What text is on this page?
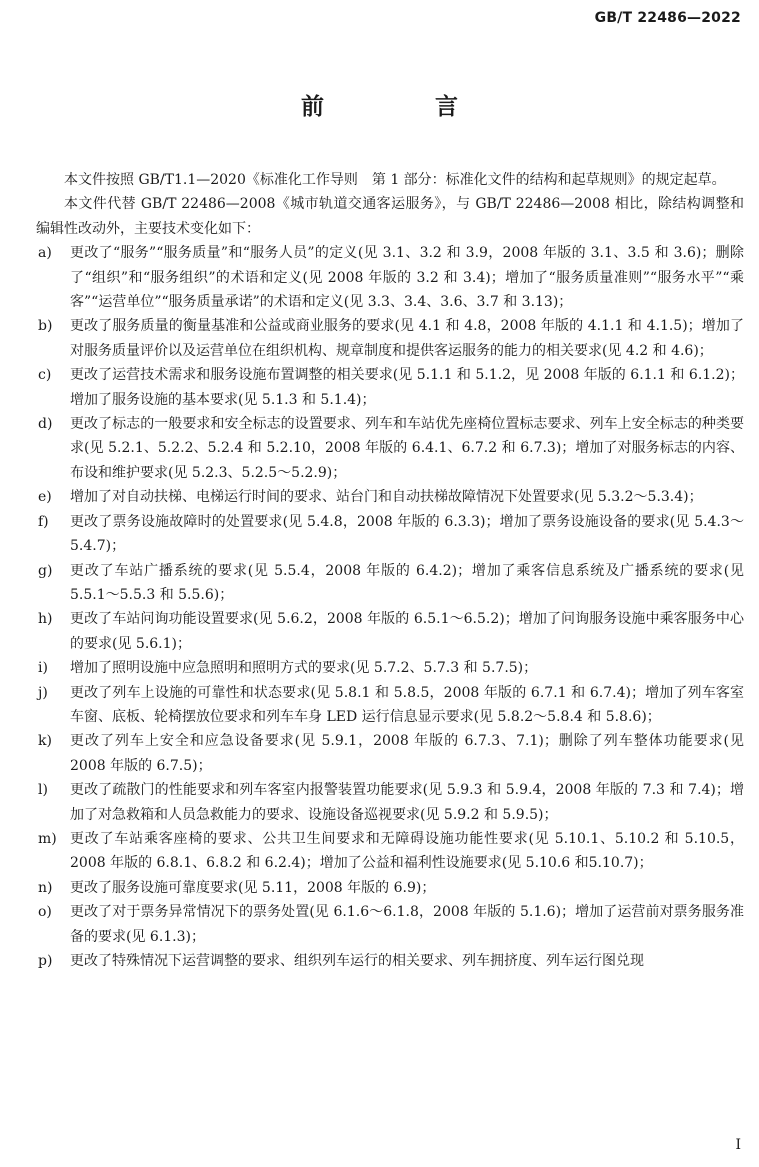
GB/T 22486—2022
前　言

本文件按照 GB/T1.1—2020《标准化工作导则　第 1 部分：标准化文件的结构和起草规则》的规定起草。

本文件代替 GB/T 22486—2008《城市轨道交通客运服务》，与 GB/T 22486—2008 相比，除结构调整和编辑性改动外，主要技术变化如下：

a)	更改了“服务”“服务质量”和“服务人员”的定义(见 3.1、3.2 和 3.9，2008 年版的 3.1、3.5 和 3.6)；删除了“组织”和“服务组织”的术语和定义(见 2008 年版的 3.2 和 3.4)；增加了“服务质量准则”“服务水平”“乘客”“运营单位”“服务质量承诺”的术语和定义(见 3.3、3.4、3.6、3.7 和 3.13)；
b)	更改了服务质量的衡量基准和公益或商业服务的要求(见 4.1 和 4.8，2008 年版的 4.1.1 和 4.1.5)；增加了对服务质量评价以及运营单位在组织机构、规章制度和提供客运服务的能力的相关要求(见 4.2 和 4.6)；
c)	更改了运营技术需求和服务设施布置调整的相关要求(见 5.1.1 和 5.1.2，见 2008 年版的 6.1.1 和 6.1.2)；增加了服务设施的基本要求(见 5.1.3 和 5.1.4)；
d)	更改了标志的一般要求和安全标志的设置要求、列车和车站优先座椅位置标志要求、列车上安全标志的种类要求(见 5.2.1、5.2.2、5.2.4 和 5.2.10，2008 年版的 6.4.1、6.7.2 和 6.7.3)；增加了对服务标志的内容、布设和维护要求(见 5.2.3、5.2.5～5.2.9)；
e)	增加了对自动扶梯、电梯运行时间的要求、站台门和自动扶梯故障情况下处置要求(见 5.3.2～5.3.4)；
f)	更改了票务设施故障时的处置要求(见 5.4.8，2008 年版的 6.3.3)；增加了票务设施设备的要求(见 5.4.3～5.4.7)；
g)	更改了车站广播系统的要求(见 5.5.4，2008 年版的 6.4.2)；增加了乘客信息系统及广播系统的要求(见 5.5.1～5.5.3 和 5.5.6)；
h)	更改了车站问询功能设置要求(见 5.6.2，2008 年版的 6.5.1～6.5.2)；增加了问询服务设施中乘客服务中心的要求(见 5.6.1)；
i)	增加了照明设施中应急照明和照明方式的要求(见 5.7.2、5.7.3 和 5.7.5)；
j)	更改了列车上设施的可靠性和状态要求(见 5.8.1 和 5.8.5，2008 年版的 6.7.1 和 6.7.4)；增加了列车客室车窗、底板、轮椅摆放位要求和列车车身 LED 运行信息显示要求(见 5.8.2～5.8.4 和 5.8.6)；
k)	更改了列车上安全和应急设备要求(见 5.9.1，2008 年版的 6.7.3、7.1)；删除了列车整体功能要求(见 2008 年版的 6.7.5)；
l)	更改了疏散门的性能要求和列车客室内报警装置功能要求(见 5.9.3 和 5.9.4，2008 年版的 7.3 和 7.4)；增加了对急救箱和人员急救能力的要求、设施设备巡视要求(见 5.9.2 和 5.9.5)；
m) 更改了车站乘客座椅的要求、公共卫生间要求和无障碍设施功能性要求(见 5.10.1、5.10.2 和 5.10.5，2008 年版的 6.8.1、6.8.2 和 6.2.4)；增加了公益和福利性设施要求(见 5.10.6 和5.10.7)；
n)	更改了服务设施可靠度要求(见 5.11，2008 年版的 6.9)；
o)	更改了对于票务异常情况下的票务处置(见 6.1.6～6.1.8，2008 年版的 5.1.6)；增加了运营前对票务服务准备的要求(见 6.1.3)；
p)	更改了特殊情况下运营调整的要求、组织列车运行的相关要求、列车拥挤度、列车运行图兑现
I
